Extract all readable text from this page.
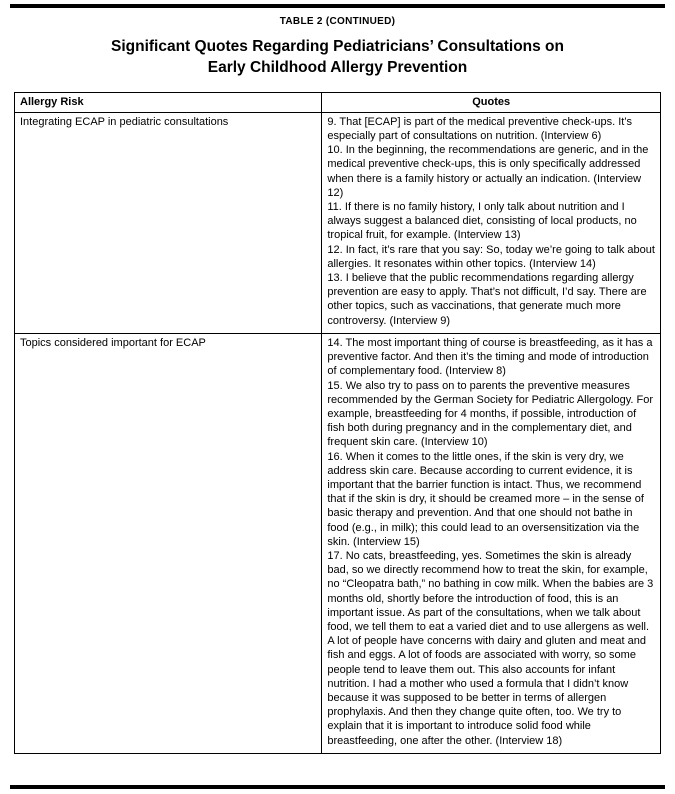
TABLE 2 (CONTINUED)
Significant Quotes Regarding Pediatricians’ Consultations on
Early Childhood Allergy Prevention
Allergy Risk	Quotes
Integrating ECAP in pediatric consultations	9. That [ECAP] is part of the medical preventive check-ups. It’s especially part of consultations on nutrition. (Interview 6)
10. In the beginning, the recommendations are generic, and in the medical preventive check-ups, this is only specifically addressed when there is a family history or actually an indication. (Interview 12)
11. If there is no family history, I only talk about nutrition and I always suggest a balanced diet, consisting of local products, no tropical fruit, for example. (Interview 13)
12. In fact, it’s rare that you say: So, today we’re going to talk about allergies. It resonates within other topics. (Interview 14)
13. I believe that the public recommendations regarding allergy prevention are easy to apply. That’s not difficult, I’d say. There are other topics, such as vaccinations, that generate much more controversy. (Interview 9)

Topics considered important for ECAP	14. The most important thing of course is breastfeeding, as it has a preventive factor. And then it’s the timing and mode of introduction of complementary food. (Interview 8)
15. We also try to pass on to parents the preventive measures recommended by the German Society for Pediatric Allergology. For example, breastfeeding for 4 months, if possible, introduction of fish both during pregnancy and in the complementary diet, and frequent skin care. (Interview 10)
16. When it comes to the little ones, if the skin is very dry, we address skin care. Because according to current evidence, it is important that the barrier function is intact. Thus, we recommend that if the skin is dry, it should be creamed more – in the sense of basic therapy and prevention. And that one should not bathe in food (e.g., in milk); this could lead to an oversensitization via the skin. (Interview 15)
17. No cats, breastfeeding, yes. Sometimes the skin is already bad, so we directly recommend how to treat the skin, for example, no “Cleopatra bath,” no bathing in cow milk. When the babies are 3 months old, shortly before the introduction of food, this is an important issue. As part of the consultations, when we talk about food, we tell them to eat a varied diet and to use allergens as well. A lot of people have concerns with dairy and gluten and meat and fish and eggs. A lot of foods are associated with worry, so some people tend to leave them out. This also accounts for infant nutrition. I had a mother who used a formula that I didn’t know because it was supposed to be better in terms of allergen prophylaxis. And then they change quite often, too. We try to explain that it is important to introduce solid food while breastfeeding, one after the other. (Interview 18)
